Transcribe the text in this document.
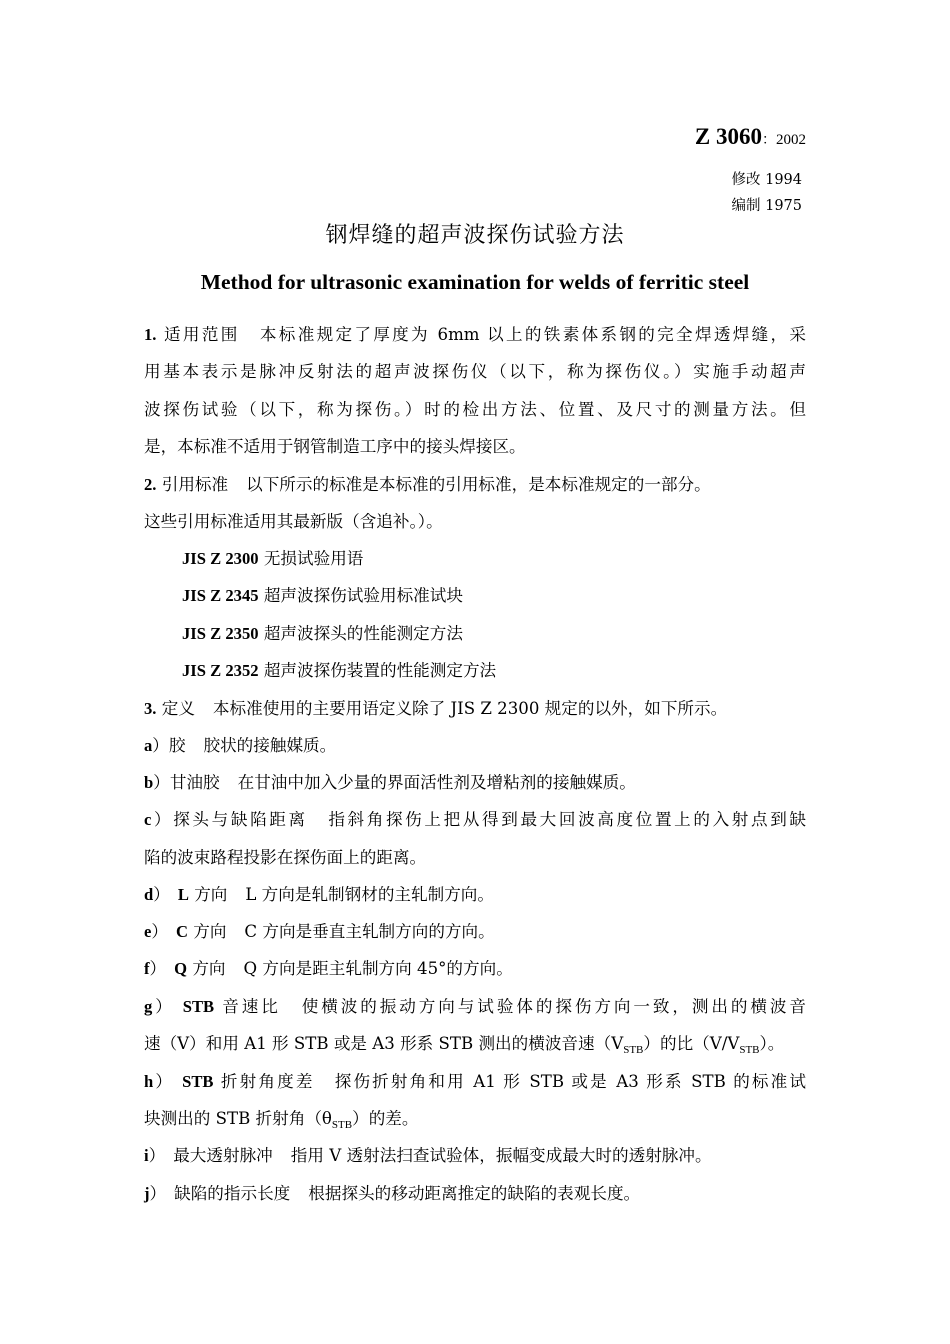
Z 3060：2002
修改 1994
编制 1975
钢焊缝的超声波探伤试验方法
Method for ultrasonic examination for welds of ferritic steel
1. 适用范围 本标准规定了厚度为 6mm 以上的铁素体系钢的完全焊透焊缝，采
用基本表示是脉冲反射法的超声波探伤仪（以下，称为探伤仪。）实施手动超声
波探伤试验（以下，称为探伤。）时的检出方法、位置、及尺寸的测量方法。但
是，本标准不适用于钢管制造工序中的接头焊接区。
2. 引用标准 以下所示的标准是本标准的引用标准，是本标准规定的一部分。
这些引用标准适用其最新版（含追补。）。
JIS Z 2300 无损试验用语
JIS Z 2345 超声波探伤试验用标准试块
JIS Z 2350 超声波探头的性能测定方法
JIS Z 2352 超声波探伤装置的性能测定方法
3. 定义 本标准使用的主要用语定义除了 JIS Z 2300 规定的以外，如下所示。
a）胶 胶状的接触媒质。
b）甘油胶 在甘油中加入少量的界面活性剂及增粘剂的接触媒质。
c）探头与缺陷距离 指斜角探伤上把从得到最大回波高度位置上的入射点到缺
陷的波束路程投影在探伤面上的距离。
d） L 方向 L 方向是轧制钢材的主轧制方向。
e） C 方向 C 方向是垂直主轧制方向的方向。
f） Q 方向 Q 方向是距主轧制方向 45°的方向。
g） STB 音速比 使横波的振动方向与试验体的探伤方向一致，测出的横波音
速（V）和用 A1 形 STB 或是 A3 形系 STB 测出的横波音速$(V_{STB})$的比$(V/V_{STB})$。
h） STB 折射角度差 探伤折射角和用 A1 形 STB 或是 A3 形系 STB 的标准试
块测出的 STB 折射角$(\theta_{STB})$的差。
i） 最大透射脉冲 指用 V 透射法扫查试验体，振幅变成最大时的透射脉冲。
j） 缺陷的指示长度 根据探头的移动距离推定的缺陷的表观长度。
